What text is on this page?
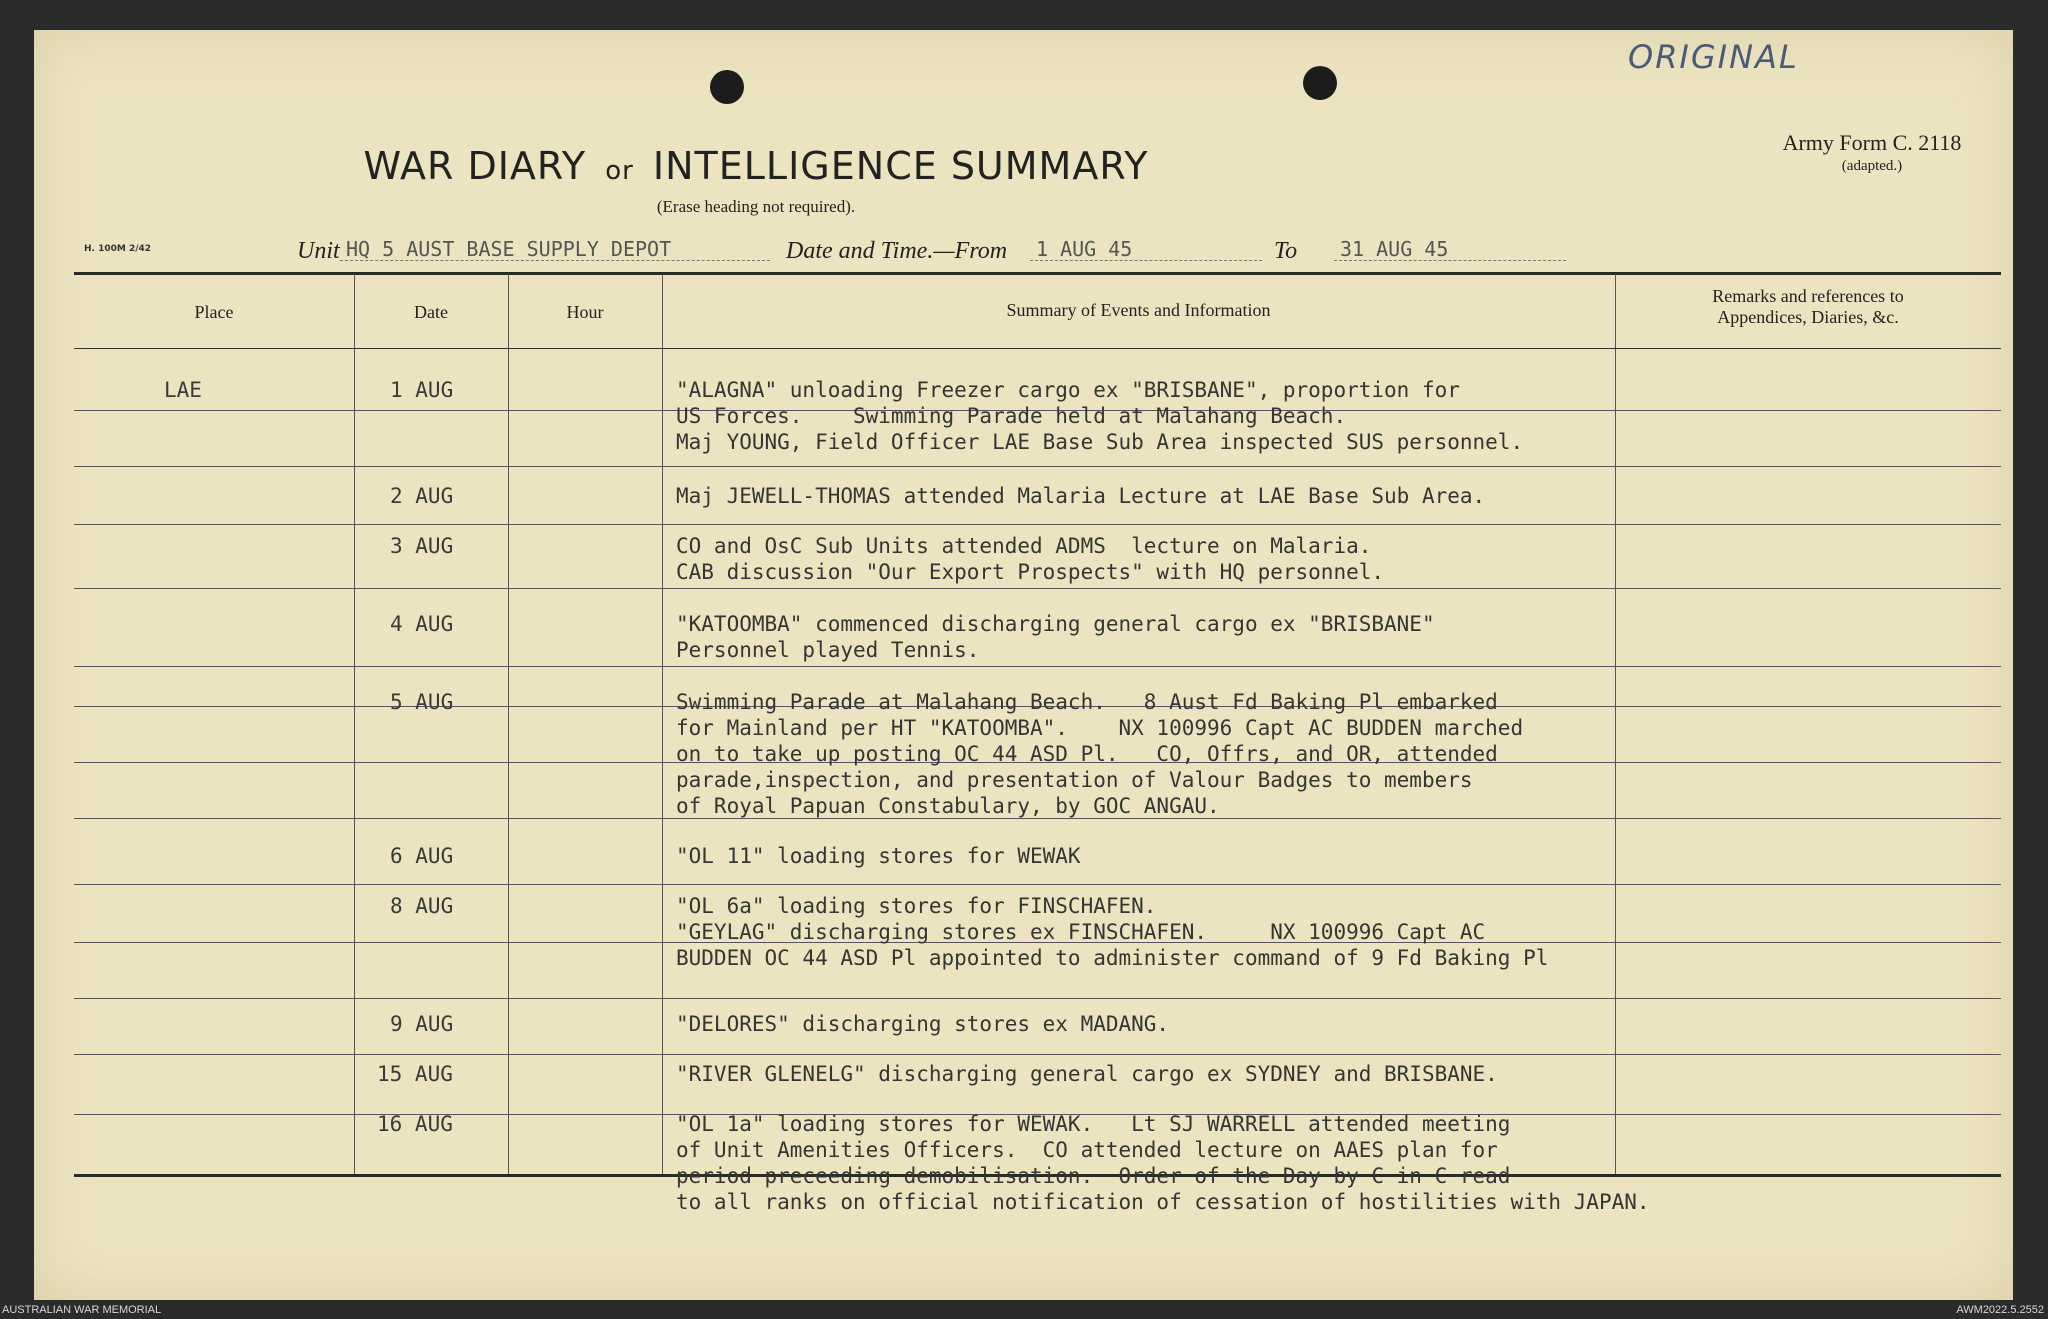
ORIGINAL
Army Form C. 2118
(adapted.)
WAR DIARY or INTELLIGENCE SUMMARY
(Erase heading not required).
H. 100M 2/42	Unit HQ 5 AUST BASE SUPPLY DEPOT	Date and Time.—From	1 AUG 45	To	31 AUG 45
Place	Date	Hour	Summary of Events and Information
Remarks and references to
Appendices, Diaries, &c.
LAE	1 AUG	"ALAGNA" unloading Freezer cargo ex "BRISBANE", proportion for
US Forces.    Swimming Parade held at Malahang Beach.
Maj YOUNG, Field Officer LAE Base Sub Area inspected SUS personnel.
2 AUG	Maj JEWELL-THOMAS attended Malaria Lecture at LAE Base Sub Area.
3 AUG	CO and OsC Sub Units attended ADMS  lecture on Malaria.
CAB discussion "Our Export Prospects" with HQ personnel.
4 AUG	"KATOOMBA" commenced discharging general cargo ex "BRISBANE"
Personnel played Tennis.
5 AUG	Swimming Parade at Malahang Beach.   8 Aust Fd Baking Pl embarked
for Mainland per HT "KATOOMBA".    NX 100996 Capt AC BUDDEN marched
on to take up posting OC 44 ASD Pl.   CO, Offrs, and OR, attended
parade,inspection, and presentation of Valour Badges to members
of Royal Papuan Constabulary, by GOC ANGAU.
6 AUG	"OL 11" loading stores for WEWAK
8 AUG	"OL 6a" loading stores for FINSCHAFEN.
"GEYLAG" discharging stores ex FINSCHAFEN.     NX 100996 Capt AC
BUDDEN OC 44 ASD Pl appointed to administer command of 9 Fd Baking Pl
9 AUG	"DELORES" discharging stores ex MADANG.
15 AUG	"RIVER GLENELG" discharging general cargo ex SYDNEY and BRISBANE.
16 AUG	"OL 1a" loading stores for WEWAK.   Lt SJ WARRELL attended meeting
of Unit Amenities Officers.  CO attended lecture on AAES plan for
period preceeding demobilisation.  Order of the Day by C in C read
to all ranks on official notification of cessation of hostilities with JAPAN.
AUSTRALIAN WAR MEMORIAL	AWM2022.5.2552
